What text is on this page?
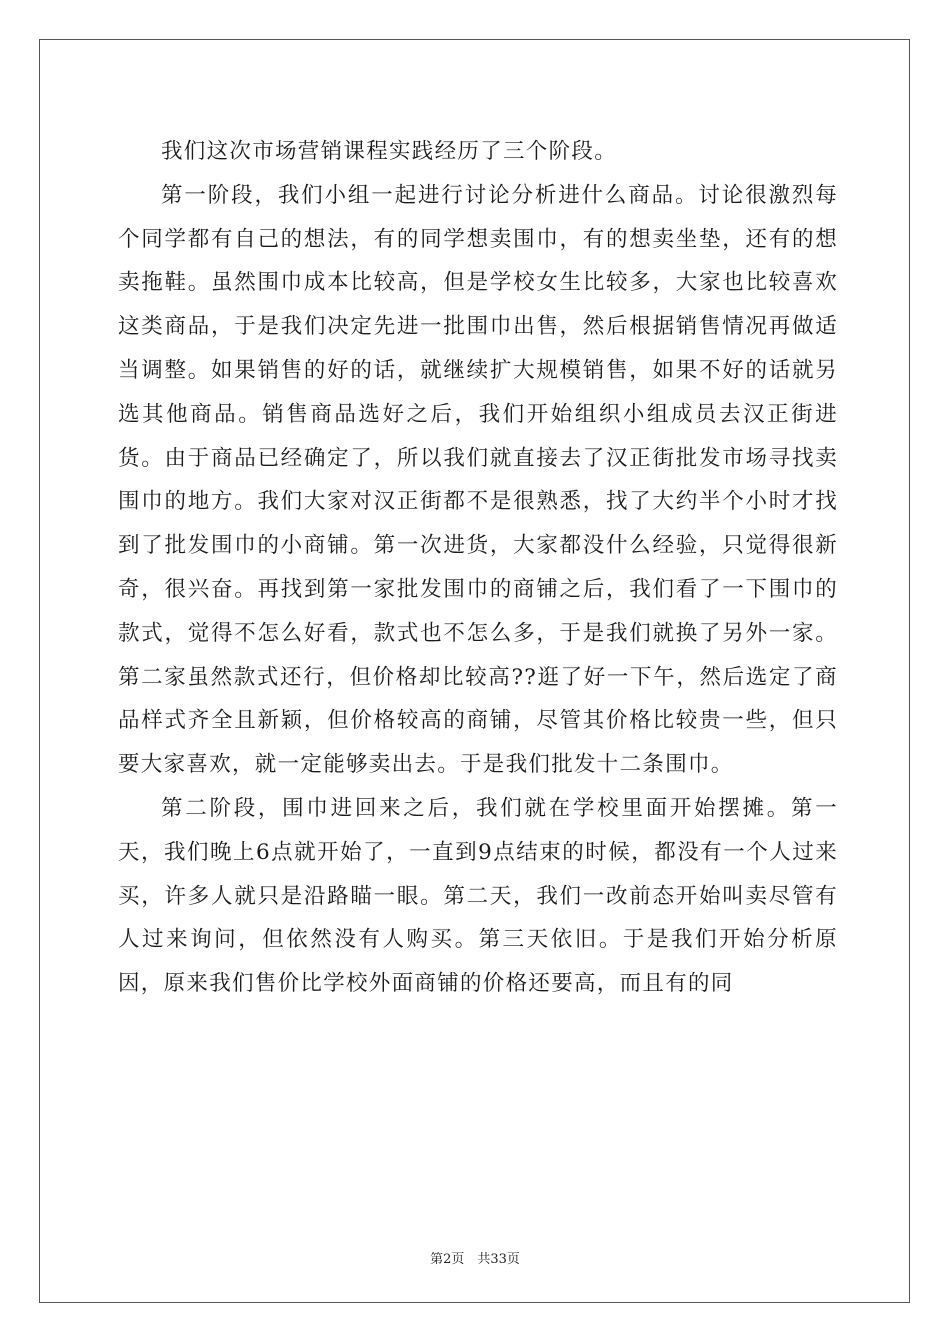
我们这次市场营销课程实践经历了三个阶段。

第一阶段，我们小组一起进行讨论分析进什么商品。讨论很激烈每个同学都有自己的想法，有的同学想卖围巾，有的想卖坐垫，还有的想卖拖鞋。虽然围巾成本比较高，但是学校女生比较多，大家也比较喜欢这类商品，于是我们决定先进一批围巾出售，然后根据销售情况再做适当调整。如果销售的好的话，就继续扩大规模销售，如果不好的话就另选其他商品。销售商品选好之后，我们开始组织小组成员去汉正街进货。由于商品已经确定了，所以我们就直接去了汉正街批发市场寻找卖围巾的地方。我们大家对汉正街都不是很熟悉，找了大约半个小时才找到了批发围巾的小商铺。第一次进货，大家都没什么经验，只觉得很新奇，很兴奋。再找到第一家批发围巾的商铺之后，我们看了一下围巾的款式，觉得不怎么好看，款式也不怎么多，于是我们就换了另外一家。第二家虽然款式还行，但价格却比较高??逛了好一下午，然后选定了商品样式齐全且新颖，但价格较高的商铺，尽管其价格比较贵一些，但只要大家喜欢，就一定能够卖出去。于是我们批发十二条围巾。

第二阶段，围巾进回来之后，我们就在学校里面开始摆摊。第一天，我们晚上6点就开始了，一直到9点结束的时候，都没有一个人过来买，许多人就只是沿路瞄一眼。第二天，我们一改前态开始叫卖尽管有人过来询问，但依然没有人购买。第三天依旧。于是我们开始分析原因，原来我们售价比学校外面商铺的价格还要高，而且有的同

第2页　共33页
